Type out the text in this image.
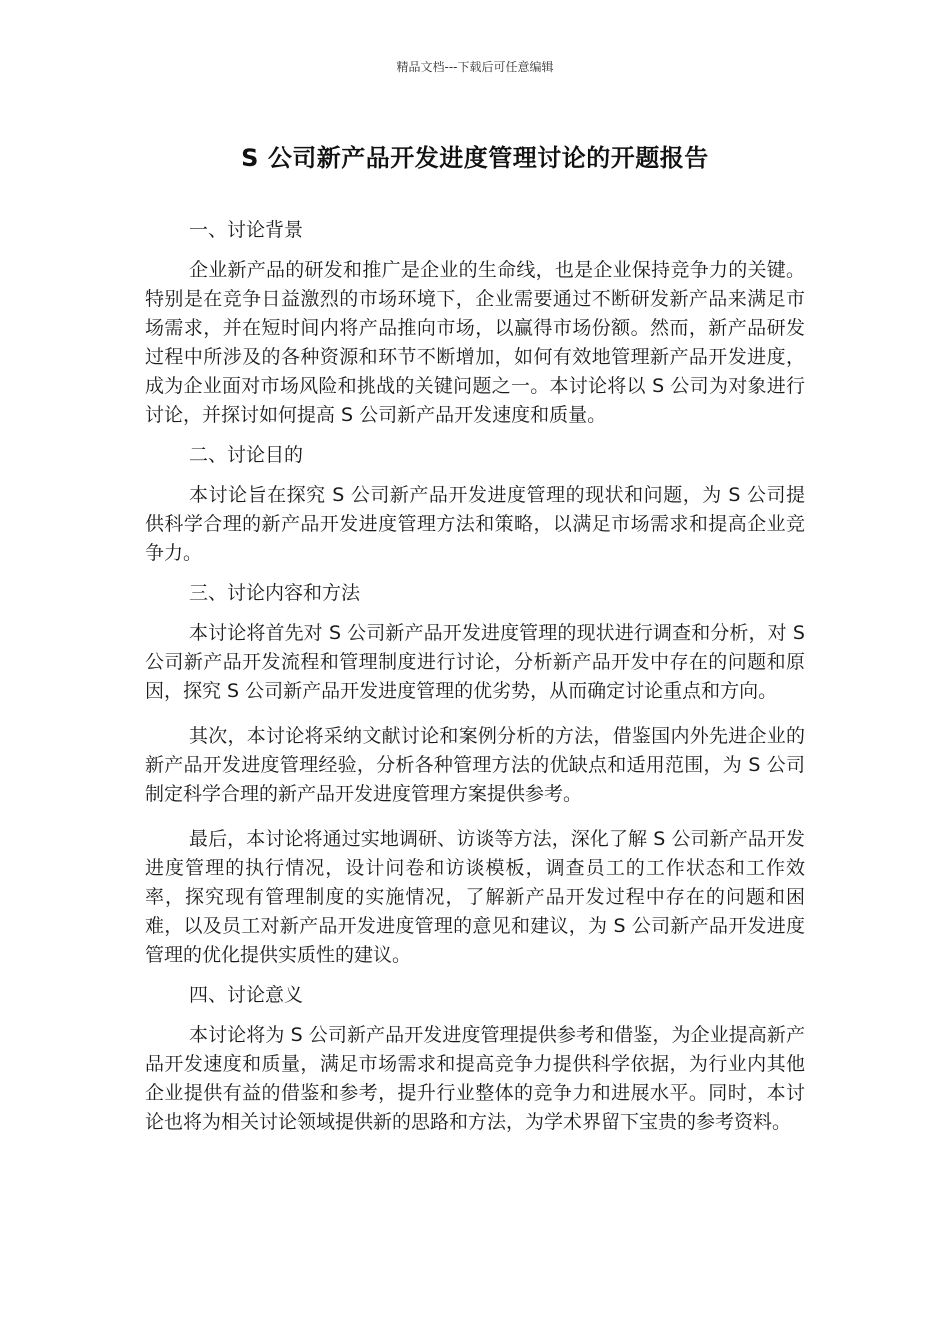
精品文档---下载后可任意编辑
S 公司新产品开发进度管理讨论的开题报告
一、讨论背景
企业新产品的研发和推广是企业的生命线，也是企业保持竞争力的关键。特别是在竞争日益激烈的市场环境下，企业需要通过不断研发新产品来满足市场需求，并在短时间内将产品推向市场，以赢得市场份额。然而，新产品研发过程中所涉及的各种资源和环节不断增加，如何有效地管理新产品开发进度，成为企业面对市场风险和挑战的关键问题之一。本讨论将以 S 公司为对象进行讨论，并探讨如何提高 S 公司新产品开发速度和质量。
二、讨论目的
本讨论旨在探究 S 公司新产品开发进度管理的现状和问题，为 S 公司提供科学合理的新产品开发进度管理方法和策略，以满足市场需求和提高企业竞争力。
三、讨论内容和方法
本讨论将首先对 S 公司新产品开发进度管理的现状进行调查和分析，对 S 公司新产品开发流程和管理制度进行讨论，分析新产品开发中存在的问题和原因，探究 S 公司新产品开发进度管理的优劣势，从而确定讨论重点和方向。
其次，本讨论将采纳文献讨论和案例分析的方法，借鉴国内外先进企业的新产品开发进度管理经验，分析各种管理方法的优缺点和适用范围，为 S 公司制定科学合理的新产品开发进度管理方案提供参考。
最后，本讨论将通过实地调研、访谈等方法，深化了解 S 公司新产品开发进度管理的执行情况，设计问卷和访谈模板，调查员工的工作状态和工作效率，探究现有管理制度的实施情况，了解新产品开发过程中存在的问题和困难，以及员工对新产品开发进度管理的意见和建议，为 S 公司新产品开发进度管理的优化提供实质性的建议。
四、讨论意义
本讨论将为 S 公司新产品开发进度管理提供参考和借鉴，为企业提高新产品开发速度和质量，满足市场需求和提高竞争力提供科学依据，为行业内其他企业提供有益的借鉴和参考，提升行业整体的竞争力和进展水平。同时，本讨论也将为相关讨论领域提供新的思路和方法，为学术界留下宝贵的参考资料。
